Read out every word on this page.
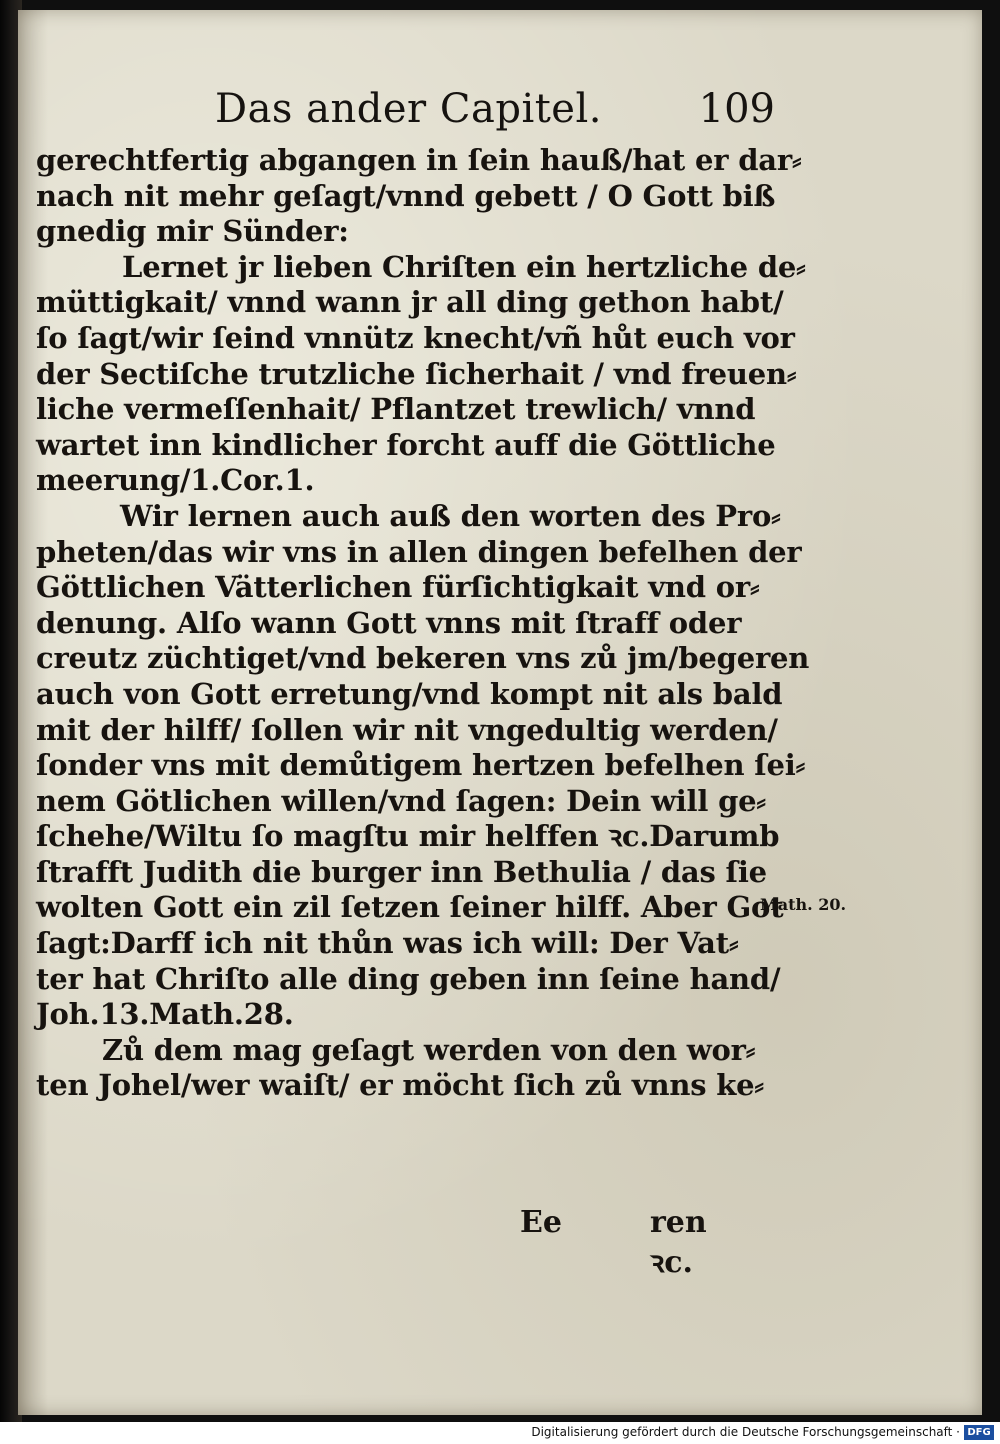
Das ander Capitel. 109
gerechtfertig abgangen in ſein hauß/hat er dar⸗
nach nit mehr geſagt/vnnd gebett / O Gott biß
gnedig mir Sünder:
Lernet jr lieben Chriſten ein hertzliche de⸗
müttigkait/ vnnd wann jr all ding gethon habt/
ſo ſagt/wir ſeind vnnütz knecht/vñ hůt euch vor
der Sectiſche trutzliche ſicherhait / vnd freuen⸗
liche vermeſſenhait/ Pflantzet trewlich/ vnnd
wartet inn kindlicher forcht auff die Göttliche
meerung/1.Cor.1.
Wir lernen auch auß den worten des Pro⸗
pheten/das wir vns in allen dingen befelhen der
Göttlichen Vätterlichen fürſichtigkait vnd or⸗
denung. Alſo wann Gott vnns mit ſtraff oder
creutz züchtiget/vnd bekeren vns zů jm/begeren
auch von Gott erretung/vnd kompt nit als bald
mit der hilff/ ſollen wir nit vngedultig werden/
ſonder vns mit demůtigem hertzen befelhen ſei⸗
nem Götlichen willen/vnd ſagen: Dein will ge⸗
ſchehe/Wiltu ſo magſtu mir helffen ꝛc.Darumb
ſtrafft Judith die burger inn Bethulia / das ſie
wolten Gott ein zil ſetzen ſeiner hilff. Aber Got
ſagt:Darff ich nit thůn was ich will: Der Vat⸗
ter hat Chriſto alle ding geben inn ſeine hand/
Joh.13.Math.28.
Zů dem mag geſagt werden von den wor⸗
ten Johel/wer waiſt/ er möcht ſich zů vnns ke⸗
Math. 20.
Ee	ren ꝛc.
Digitalisierung gefördert durch die Deutsche Forschungsgemeinschaft · DFG
